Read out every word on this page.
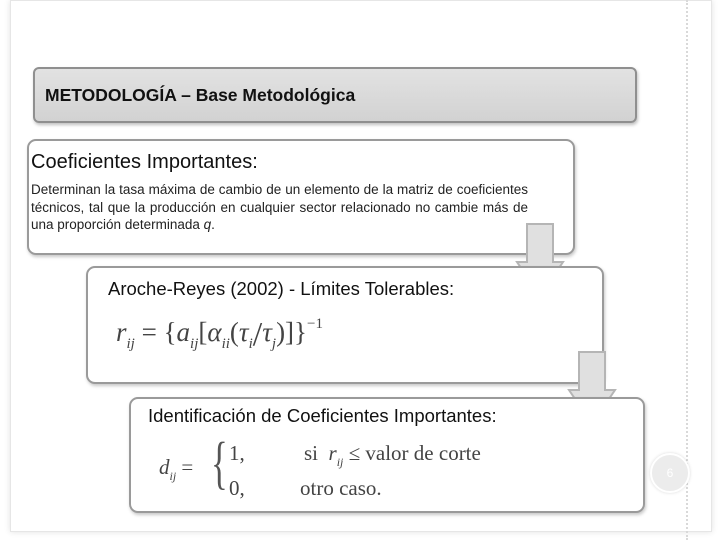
METODOLOGÍA – Base Metodológica
Coeficientes Importantes:
Determinan la tasa máxima de cambio de un elemento de la matriz de coeficientes técnicos, tal que la producción en cualquier sector relacionado no cambie más de una proporción determinada q.
Aroche-Reyes (2002) - Límites Tolerables:
$r_{ij} = \{a_{ij}[\alpha_{ii}(\tau_i/\tau_j)]\}^{-1}$
Identificación de Coeficientes Importantes:
$d_{ij}$ = { 1,	si $r_{ij}$ ≤ valor de corte
0,	otro caso.
6
